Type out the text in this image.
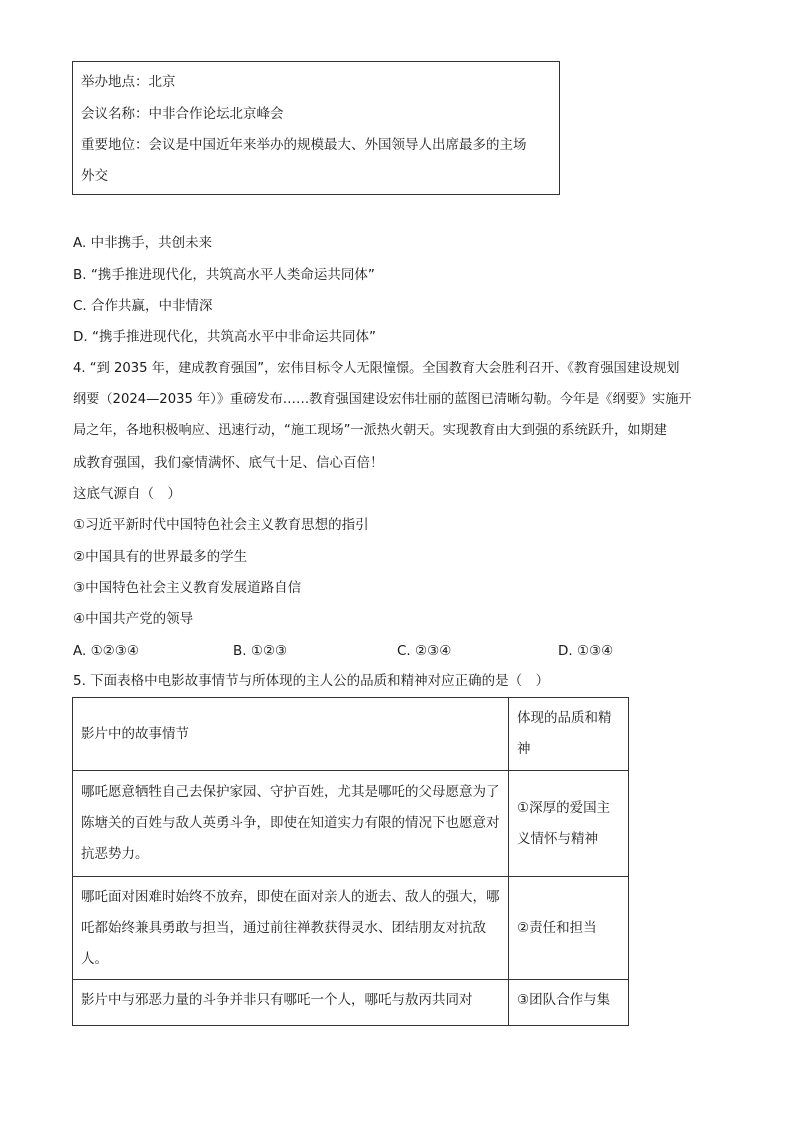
举办地点：北京
会议名称：中非合作论坛北京峰会
重要地位：会议是中国近年来举办的规模最大、外国领导人出席最多的主场
外交
A. 中非携手，共创未来
B. “携手推进现代化，共筑高水平人类命运共同体”
C. 合作共赢，中非情深
D. “携手推进现代化，共筑高水平中非命运共同体”
4. “到 2035 年，建成教育强国”，宏伟目标令人无限憧憬。全国教育大会胜利召开、《教育强国建设规划
纲要（2024—2035 年）》重磅发布……教育强国建设宏伟壮丽的蓝图已清晰勾勒。今年是《纲要》实施开
局之年，各地积极响应、迅速行动，“施工现场”一派热火朝天。实现教育由大到强的系统跃升，如期建
成教育强国，我们豪情满怀、底气十足、信心百倍！
这底气源自（　）
①习近平新时代中国特色社会主义教育思想的指引
②中国具有的世界最多的学生
③中国特色社会主义教育发展道路自信
④中国共产党的领导
A. ①②③④	B. ①②③	C. ②③④	D. ①③④
5. 下面表格中电影故事情节与所体现的主人公的品质和精神对应正确的是（　）
影片中的故事情节	体现的品质和精神
哪吒愿意牺牲自己去保护家园、守护百姓，尤其是哪吒的父母愿意为了陈塘关的百姓与敌人英勇斗争，即使在知道实力有限的情况下也愿意对抗恶势力。	①深厚的爱国主义情怀与精神
哪吒面对困难时始终不放弃，即使在面对亲人的逝去、敌人的强大，哪吒都始终兼具勇敢与担当，通过前往禅教获得灵水、团结朋友对抗敌人。	②责任和担当
影片中与邪恶力量的斗争并非只有哪吒一个人，哪吒与敖丙共同对	③团队合作与集
